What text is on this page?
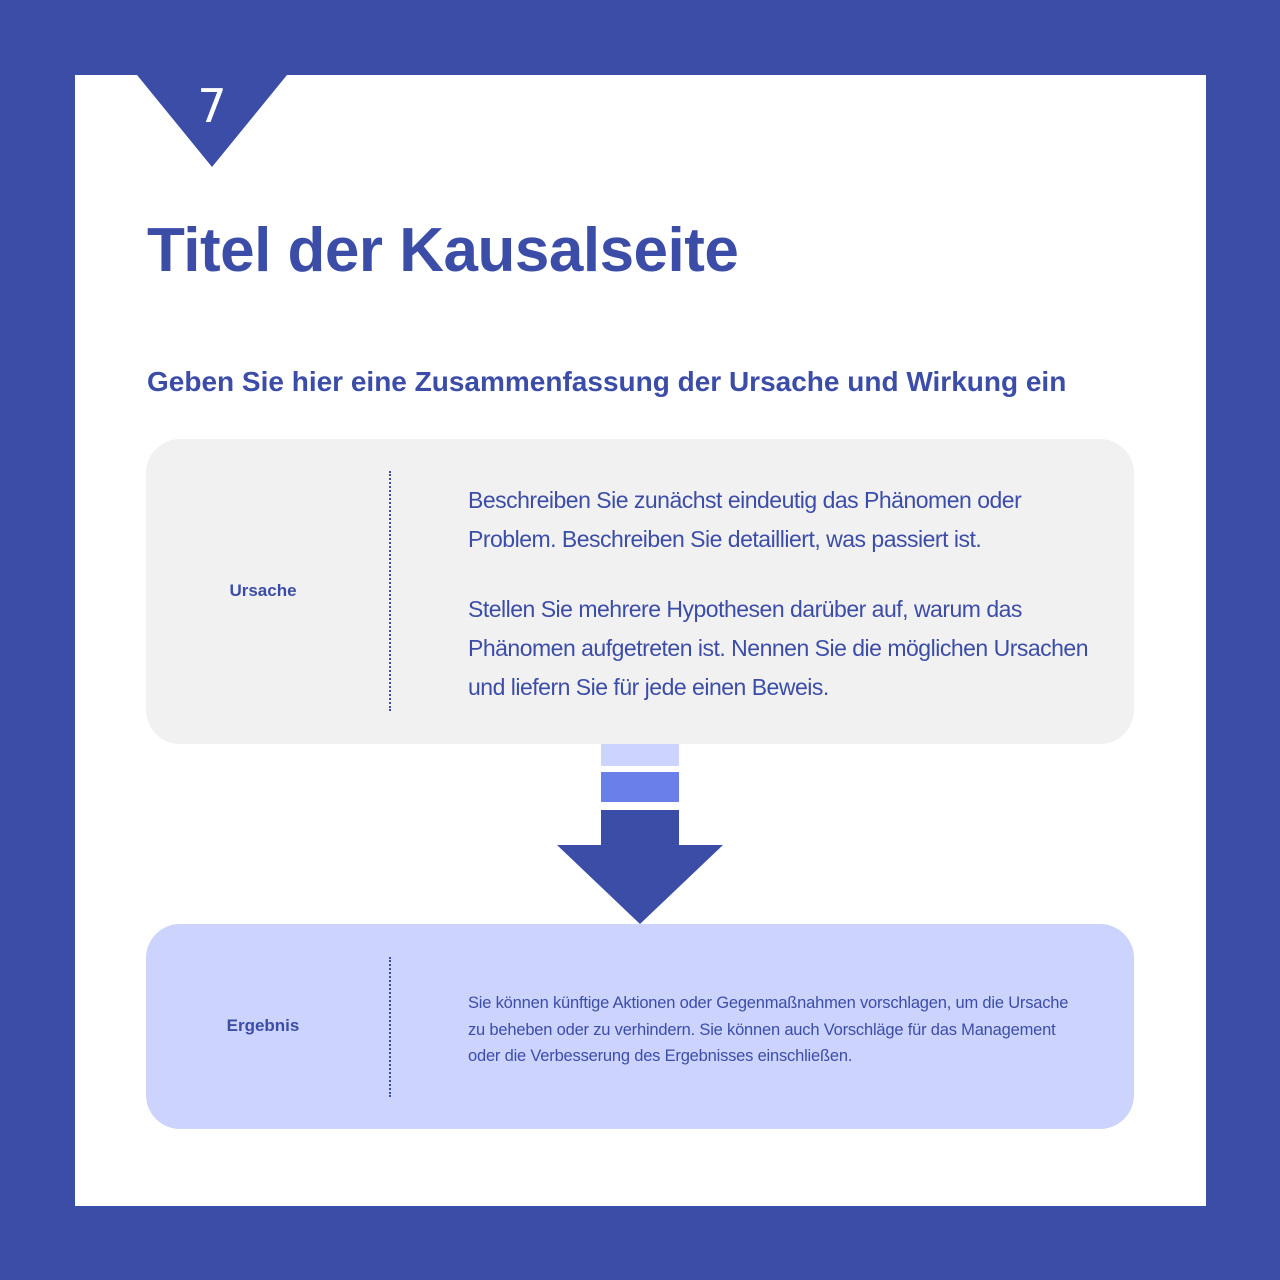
7
Titel der Kausalseite
Geben Sie hier eine Zusammenfassung der Ursache und Wirkung ein
Ursache

Beschreiben Sie zunächst eindeutig das Phänomen oder Problem. Beschreiben Sie detailliert, was passiert ist.

Stellen Sie mehrere Hypothesen darüber auf, warum das Phänomen aufgetreten ist. Nennen Sie die möglichen Ursachen und liefern Sie für jede einen Beweis.

Ergebnis

Sie können künftige Aktionen oder Gegenmaßnahmen vorschlagen, um die Ursache zu beheben oder zu verhindern. Sie können auch Vorschläge für das Management oder die Verbesserung des Ergebnisses einschließen.
